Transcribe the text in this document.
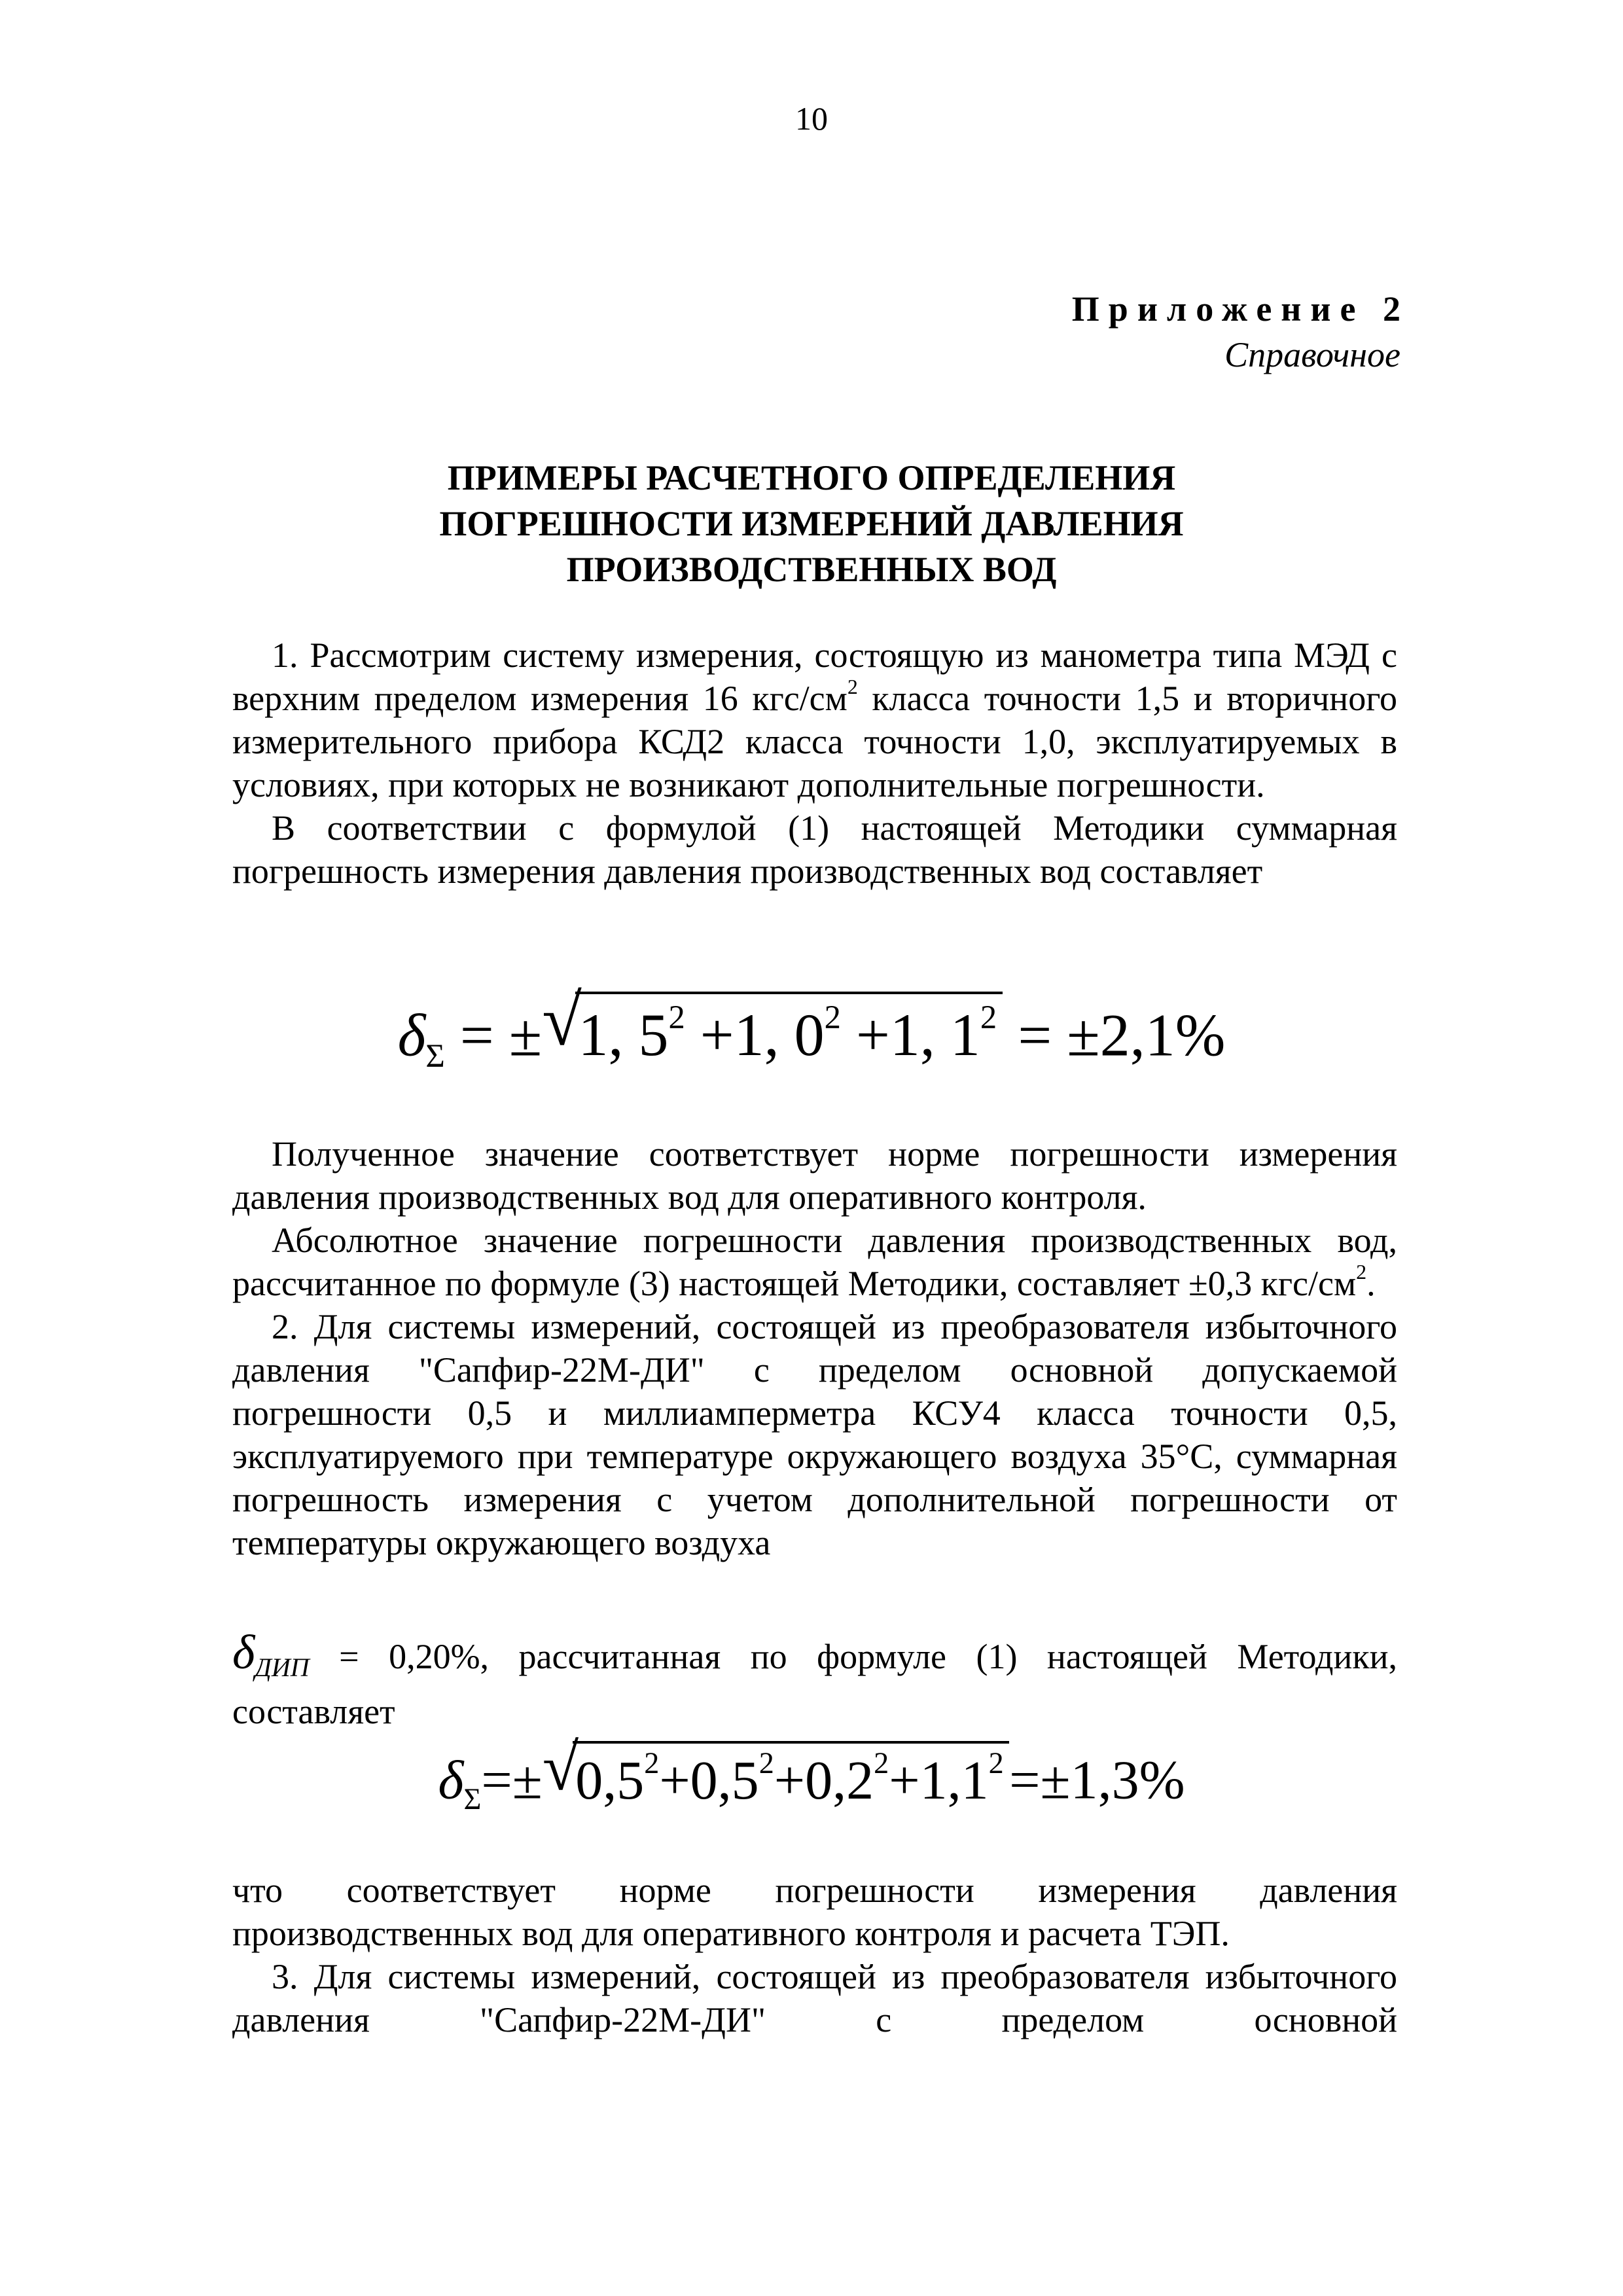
10
Приложение 2
Справочное
ПРИМЕРЫ РАСЧЕТНОГО ОПРЕДЕЛЕНИЯ
ПОГРЕШНОСТИ ИЗМЕРЕНИЙ ДАВЛЕНИЯ
ПРОИЗВОДСТВЕННЫХ ВОД

1. Рассмотрим систему измерения, состоящую из манометра типа МЭД с верхним пределом измерения 16 кгс/$см^2$ класса точности 1,5 и вторичного измерительного прибора КСД2 класса точности 1,0, эксплуатируемых в условиях, при которых не возникают дополнительные погрешности.

В соответствии с формулой (1) настоящей Методики суммарная погрешность измерения давления производственных вод составляет

$\delta_\Sigma$ = ± √
1, $5^2 +1$, $0^2 +1$, $1^2 = \pm 2,1\%$

Полученное значение соответствует норме погрешности измерения давления производственных вод для оперативного контроля.

Абсолютное значение погрешности давления производственных вод, рассчитанное по формуле (3) настоящей Методики, составляет ±0,3 кгс/$см^2$.

2. Для системы измерений, состоящей из преобразователя избыточного давления "Сапфир-22М-ДИ" с пределом основной допускаемой погрешности 0,5 и миллиамперметра КСУ4 класса точности 0,5, эксплуатируемого при температуре окружающего воздуха 35°С, суммарная погрешность измерения с учетом дополнительной погрешности от температуры окружающего воздуха

$\delta_{ДИП} = 0,20\%$, рассчитанная по формуле (1) настоящей Методики,

составляет

$\delta_\Sigma=\pm$ √
$0,5^2+0,5^2+0,2^2+1,1^2=\pm 1,3\%$

что соответствует норме погрешности измерения давления производственных вод для оперативного контроля и расчета ТЭП.

3. Для системы измерений, состоящей из преобразователя избыточного давления "Сапфир-22М-ДИ" с пределом основной
